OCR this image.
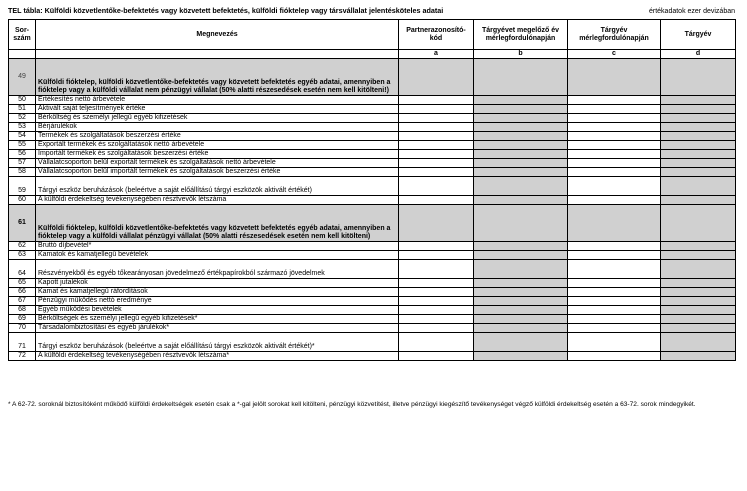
TEL tábla: Külföldi közvetlentőke-befektetés vagy közvetett befektetés, külföldi fióktelep vagy társvállalat jelentésköteles adatai	értékadatok ezer devizában
Sor-szám	Megnevezés	Partnerazonosító-kód	Tárgyévet megelőző év mérlegfordulónapján	Tárgyév mérlegfordulónapján	Tárgyév
		a	b	c	d
49	Külföldi fióktelep, külföldi közvetlentőke-befektetés vagy közvetett befektetés egyéb adatai, amennyiben a fióktelep vagy a külföldi vállalat nem pénzügyi vállalat (50% alatti részesedések esetén nem kell kitölteni!)				
50	Értékesítés nettó árbevétele				
51	Aktivált saját teljesítmények értéke				
52	Bérköltség és személyi jellegű egyéb kifizetések				
53	Bérjárulékok				
54	Termékek és szolgáltatások beszerzési értéke				
55	Exportált termékek és szolgáltatások nettó árbevétele				
56	Importált termékek és szolgáltatások beszerzési értéke				
57	Vállalatcsoporton belül exportált termékek és szolgáltatások nettó árbevétele				
58	Vállalatcsoporton belül importált termékek és szolgáltatások beszerzési értéke				
59	Tárgyi eszköz beruházások (beleértve a saját előállítású tárgyi eszközök aktivált értékét)				
60	A külföldi érdekeltség tevékenységében résztvevők létszáma				
61	Külföldi fióktelep, külföldi közvetlentőke-befektetés vagy közvetett befektetés egyéb adatai, amennyiben a fióktelep vagy a külföldi vállalat pénzügyi vállalat (50% alatti részesedések esetén nem kell kitölteni)				
62	Bruttó díjbevétel*				
63	Kamatok és kamatjellegű bevételek				
64	Részvényekből és egyéb tőkearányosan jövedelmező értékpapírokból származó jövedelmek				
65	Kapott jutalékok				
66	Kamat és kamatjellegű ráfordítások				
67	Pénzügyi működés nettó eredménye				
68	Egyéb működési bevételek				
69	Bérköltségek és személyi jellegű egyéb kifizetések*				
70	Társadalombiztosítási és egyéb járulékok*				
71	Tárgyi eszköz beruházások (beleértve a saját előállítású tárgyi eszközök aktivált értékét)*				
72	A külföldi érdekeltség tevékenységében résztvevők létszáma*				
* A 62-72. soroknál biztosítóként működő külföldi érdekeltségek esetén csak a *-gal jelölt sorokat kell kitölteni, pénzügyi közvetítést, illetve pénzügyi kiegészítő tevékenységet végző külföldi érdekeltség esetén a 63-72. sorok mindegyikét.
